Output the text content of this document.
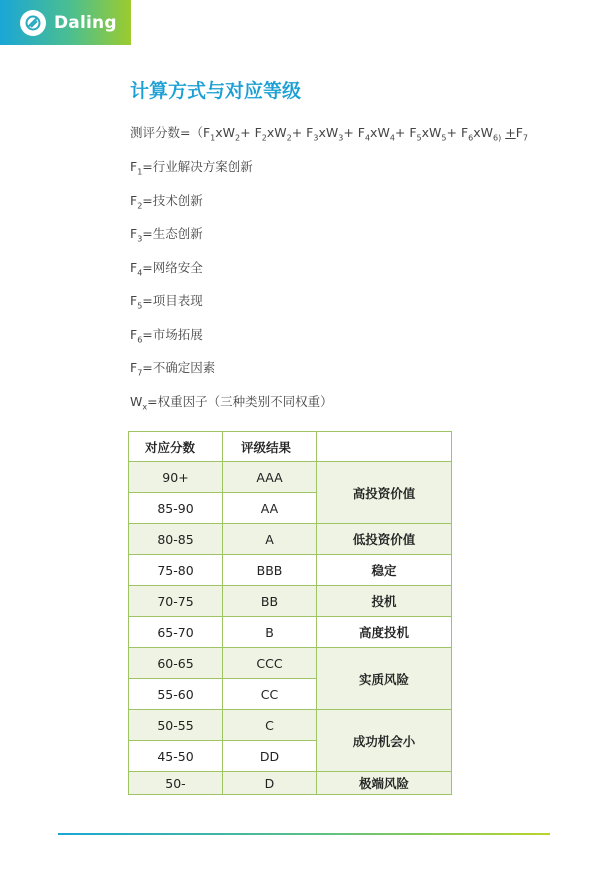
Daling
计算方式与对应等级
测评分数$=(F_1xW_2+ F_2xW_2+ F_3xW_3+ F_4xW_4+ F_5xW_5+ F_6xW_{6)} +F_7$
$F_1=$行业解决方案创新
$F_2=$技术创新
$F_3=$生态创新
$F_4=$网络安全
$F_5=$项目表现
$F_6=$市场拓展
$F_7=$不确定因素
$W_x=$权重因子（三种类别不同权重）
对应分数	评级结果	
90+	AAA	高投资价值
85-90	AA	
80-85	A	低投资价值
75-80	BBB	稳定
70-75	BB	投机
65-70	B	高度投机
60-65	CCC	实质风险
55-60	CC	
50-55	C	成功机会小
45-50	DD	
50-	D	极端风险
